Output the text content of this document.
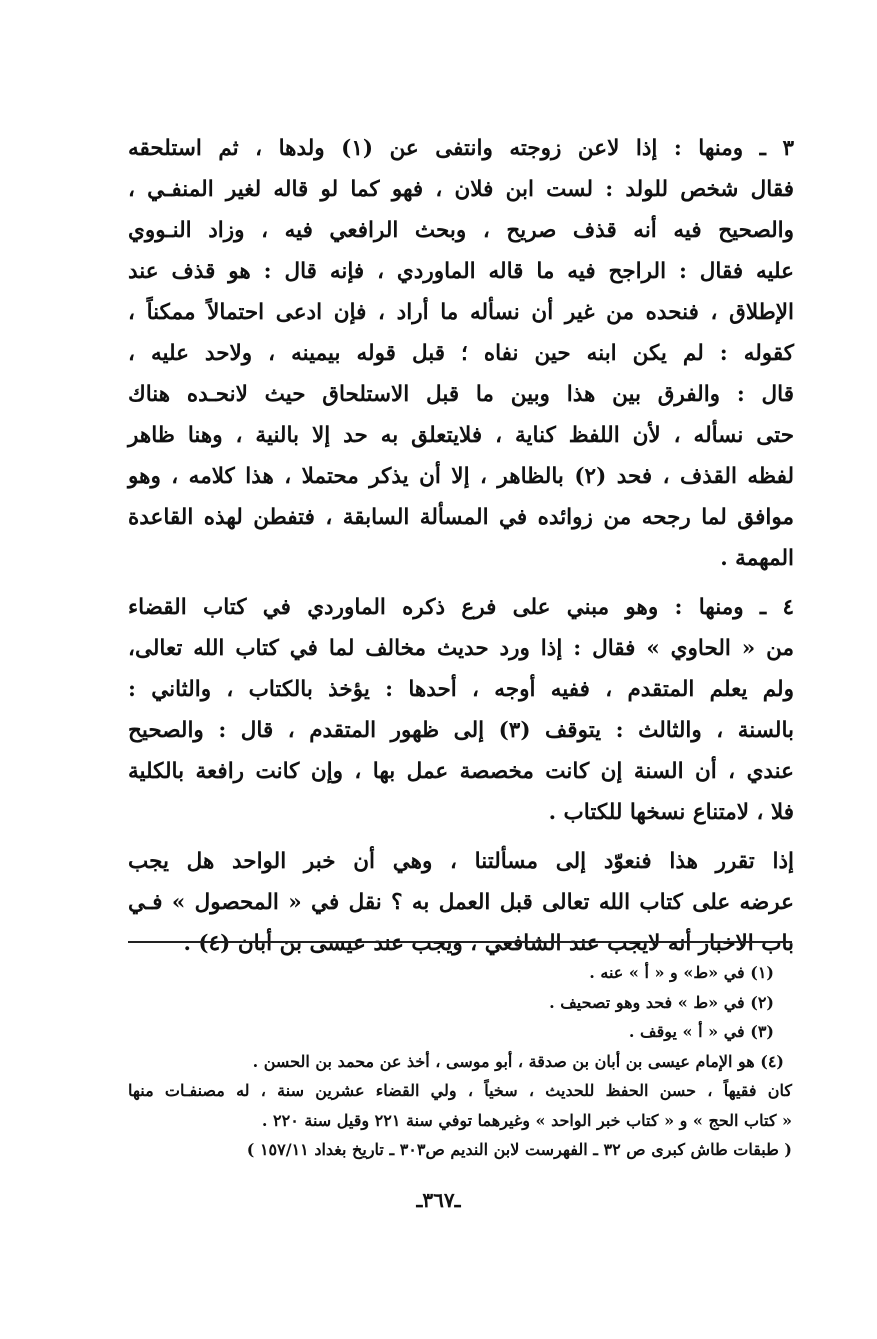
٣ ـ ومنها : إذا لاعن زوجته وانتفى عن (١) ولدها ، ثم استلحقه

فقال شخص للولد : لست ابن فلان ، فهو كما لو قاله لغير المنفـي ،

والصحيح فيه أنه قذف صريح ، وبحث الرافعي فيه ، وزاد النـووي

عليه فقال : الراجح فيه ما قاله الماوردي ، فإنه قال : هو قذف عند

الإطلاق ، فنحده من غير أن نسأله ما أراد ، فإن ادعى احتمالاً ممكناً ،

كقوله : لم يكن ابنه حين نفاه ؛ قبل قوله بيمينه ، ولاحد عليه ،

قال : والفرق بين هذا وبين ما قبل الاستلحاق حيث لانحـده هناك

حتى نسأله ، لأن اللفظ كناية ، فلايتعلق به حد إلا بالنية ، وهنا ظاهر

لفظه القذف ، فحد (٢) بالظاهر ، إلا أن يذكر محتملا ، هذا كلامه ، وهو

موافق لما رجحه من زوائده في المسألة السابقة ، فتفطن لهذه القاعدة المهمة .

٤ ـ ومنها : وهو مبني على فرع ذكره الماوردي في كتاب القضاء

من « الحاوي » فقال : إذا ورد حديث مخالف لما في كتاب الله تعالى،

ولم يعلم المتقدم ، ففيه أوجه ، أحدها : يؤخذ بالكتاب ، والثاني :

بالسنة ، والثالث : يتوقف (٣) إلى ظهور المتقدم ، قال : والصحيح

عندي ، أن السنة إن كانت مخصصة عمل بها ، وإن كانت رافعة بالكلية

فلا ، لامتناع نسخها للكتاب .

إذا تقرر هذا فنعوّد إلى مسألتنا ، وهي أن خبر الواحد هل يجب

عرضه على كتاب الله تعالى قبل العمل به ؟ نقل في « المحصول » فـي

باب الاخبار أنه لايجب عند الشافعي ، ويجب عند عيسى بن أبان (٤) .

(١) في «ط» و « أ » عنه .
(٢) في «ط » فحد وهو تصحيف .
(٣) في « أ » يوقف .
(٤) هو الإمام عيسى بن أبان بن صدقة ، أبو موسى ، أخذ عن محمد بن الحسن .
كان فقيهاً ، حسن الحفظ للحديث ، سخياً ، ولي القضاء عشرين سنة ، له مصنفـات منها
« كتاب الحج » و « كتاب خبر الواحد » وغيرهما توفي سنة ٢٢١ وقيل سنة ٢٢٠ .
( طبقات طاش كبرى ص ٣٢ ـ الفهرست لابن النديم ص٣٠٣ ـ تاريخ بغداد ١٥٧/١١ )
ـ٣٦٧ـ
